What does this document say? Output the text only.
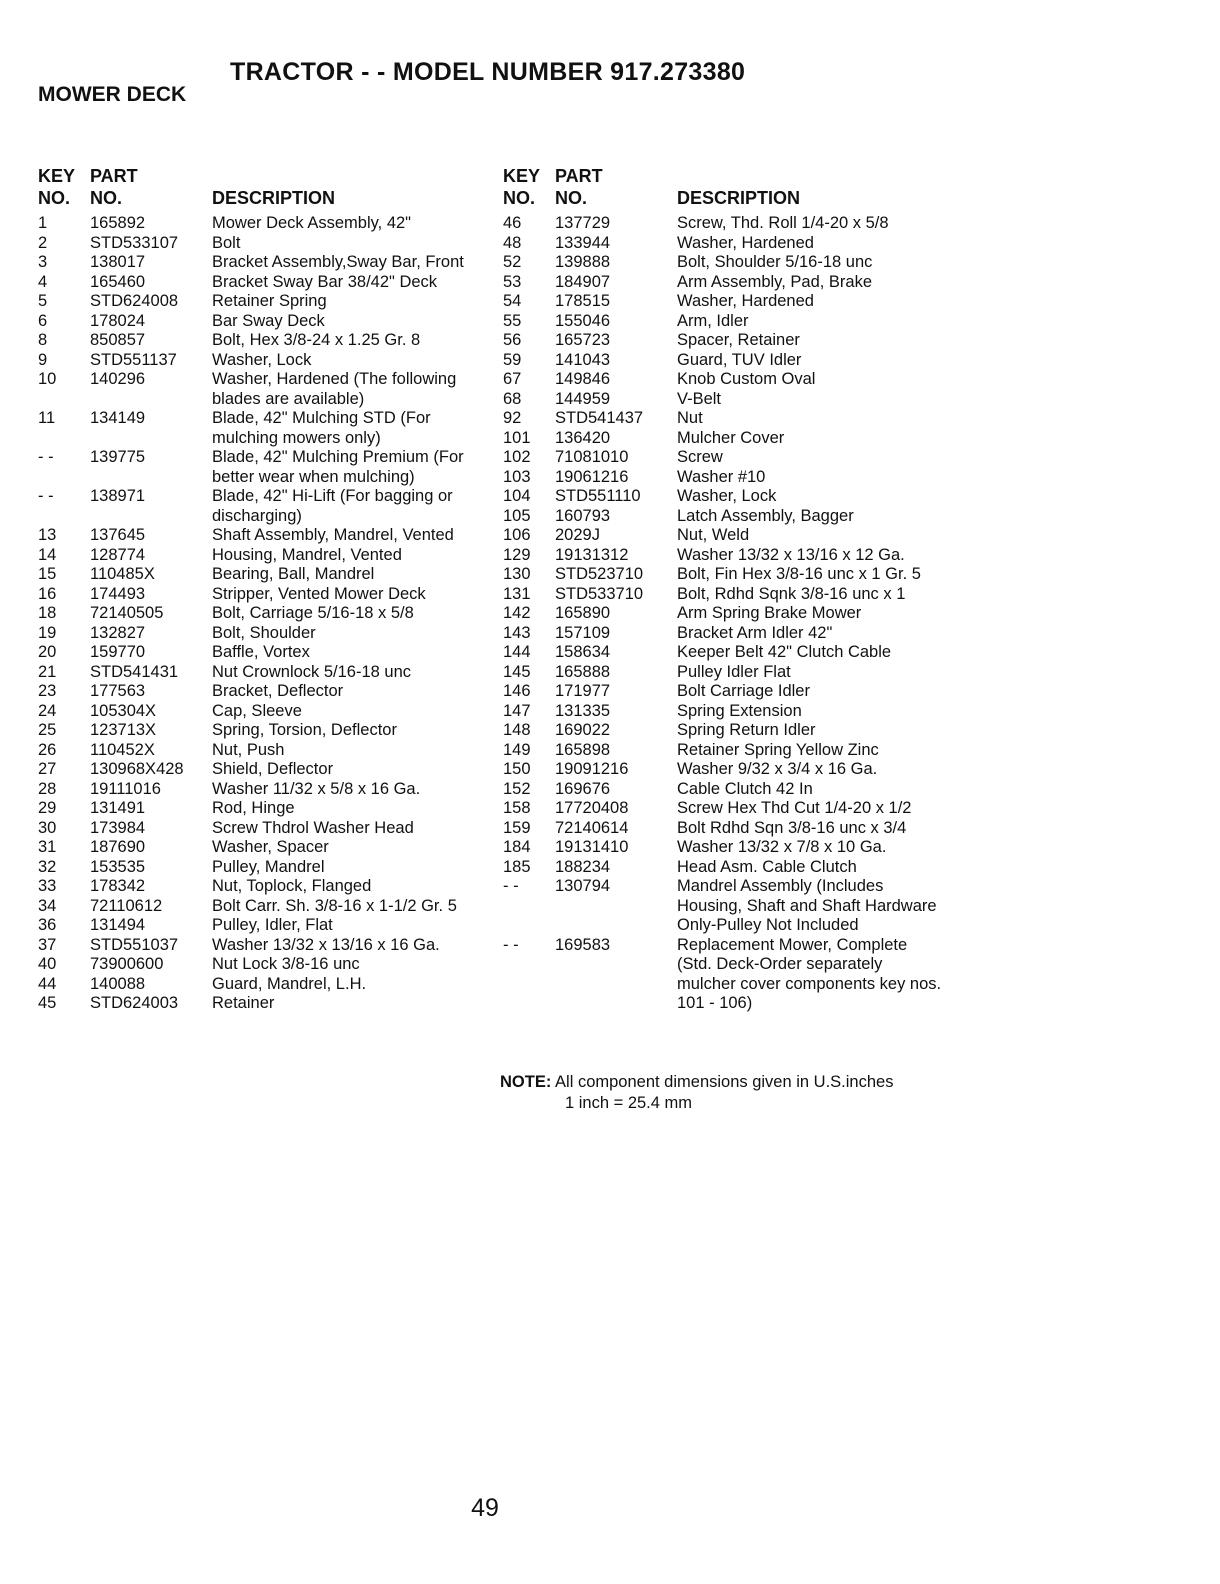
TRACTOR - - MODEL NUMBER 917.273380
MOWER DECK
KEY
NO.
PART
NO.	DESCRIPTION
1	165892	Mower Deck Assembly, 42"
2	STD533107	Bolt
3	138017	Bracket Assembly,Sway Bar, Front
4	165460	Bracket Sway Bar 38/42" Deck
5	STD624008	Retainer Spring
6	178024	Bar Sway Deck
8	850857	Bolt, Hex 3/8-24 x 1.25 Gr. 8
9	STD551137	Washer, Lock
10	140296	Washer, Hardened (The following blades are available)
11	134149	Blade, 42" Mulching STD (For mulching mowers only)
- -	139775	Blade, 42" Mulching Premium (For better wear when mulching)
- -	138971	Blade, 42" Hi-Lift (For bagging or discharging)
13	137645	Shaft Assembly, Mandrel, Vented
14	128774	Housing, Mandrel, Vented
15	110485X	Bearing, Ball, Mandrel
16	174493	Stripper, Vented Mower Deck
18	72140505	Bolt, Carriage 5/16-18 x 5/8
19	132827	Bolt, Shoulder
20	159770	Baffle, Vortex
21	STD541431	Nut Crownlock 5/16-18 unc
23	177563	Bracket, Deflector
24	105304X	Cap, Sleeve
25	123713X	Spring, Torsion, Deflector
26	110452X	Nut, Push
27	130968X428	Shield, Deflector
28	19111016	Washer 11/32 x 5/8 x 16 Ga.
29	131491	Rod, Hinge
30	173984	Screw Thdrol Washer Head
31	187690	Washer, Spacer
32	153535	Pulley, Mandrel
33	178342	Nut, Toplock, Flanged
34	72110612	Bolt Carr. Sh. 3/8-16 x 1-1/2 Gr. 5
36	131494	Pulley, Idler, Flat
37	STD551037	Washer 13/32 x 13/16 x 16 Ga.
40	73900600	Nut Lock 3/8-16 unc
44	140088	Guard, Mandrel, L.H.
45	STD624003	Retainer
KEY
NO.
PART
NO.	DESCRIPTION
46	137729	Screw, Thd. Roll 1/4-20 x 5/8
48	133944	Washer, Hardened
52	139888	Bolt, Shoulder 5/16-18 unc
53	184907	Arm Assembly, Pad, Brake
54	178515	Washer, Hardened
55	155046	Arm, Idler
56	165723	Spacer, Retainer
59	141043	Guard, TUV Idler
67	149846	Knob Custom Oval
68	144959	V-Belt
92	STD541437	Nut
101	136420	Mulcher Cover
102	71081010	Screw
103	19061216	Washer #10
104	STD551110	Washer, Lock
105	160793	Latch Assembly, Bagger
106	2029J	Nut, Weld
129	19131312	Washer 13/32 x 13/16 x 12 Ga.
130	STD523710	Bolt, Fin Hex 3/8-16 unc x 1 Gr. 5
131	STD533710	Bolt, Rdhd Sqnk 3/8-16 unc x 1
142	165890	Arm Spring Brake Mower
143	157109	Bracket Arm Idler 42"
144	158634	Keeper Belt 42" Clutch Cable
145	165888	Pulley Idler Flat
146	171977	Bolt Carriage Idler
147	131335	Spring Extension
148	169022	Spring Return Idler
149	165898	Retainer Spring Yellow Zinc
150	19091216	Washer 9/32 x 3/4 x 16 Ga.
152	169676	Cable Clutch 42 In
158	17720408	Screw Hex Thd Cut 1/4-20 x 1/2
159	72140614	Bolt Rdhd Sqn 3/8-16 unc x 3/4
184	19131410	Washer 13/32 x 7/8 x 10 Ga.
185	188234	Head Asm. Cable Clutch
- -	130794	Mandrel Assembly (Includes Housing, Shaft and Shaft Hardware Only-Pulley Not Included
- -	169583	Replacement Mower, Complete (Std. Deck-Order separately mulcher cover components key nos. 101 - 106)
NOTE: All component dimensions given in U.S.inches
1 inch = 25.4 mm
49
